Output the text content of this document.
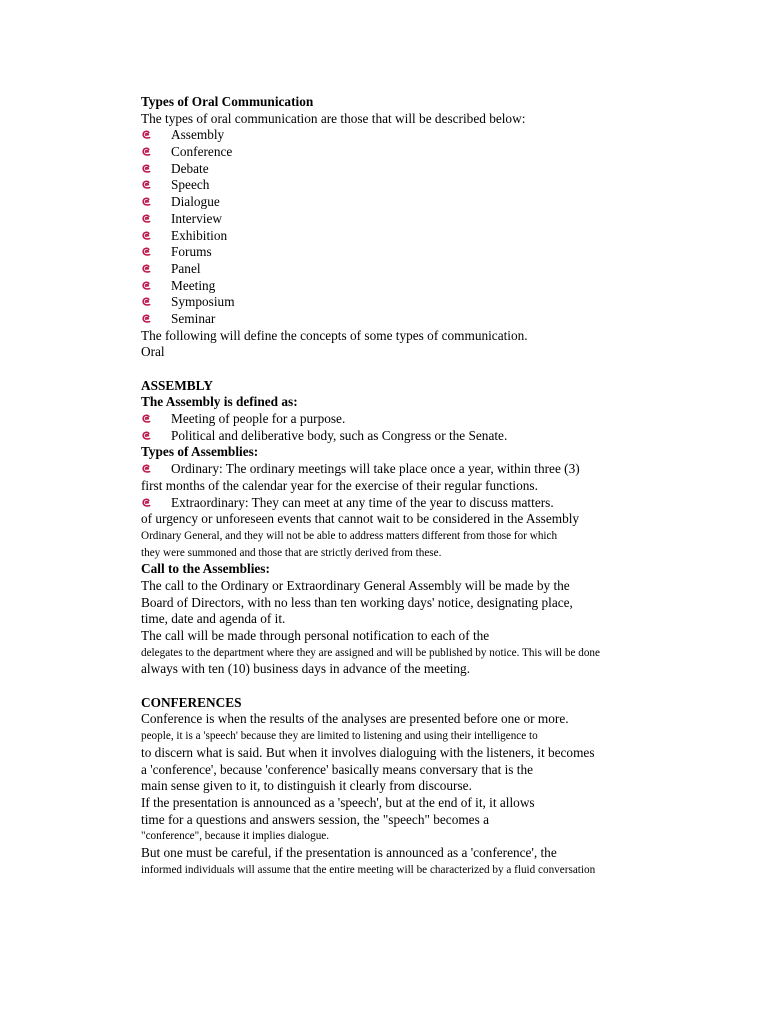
Types of Oral Communication
The types of oral communication are those that will be described below:
Assembly
Conference
Debate
Speech
Dialogue
Interview
Exhibition
Forums
Panel
Meeting
Symposium
Seminar
The following will define the concepts of some types of communication.
Oral
ASSEMBLY
The Assembly is defined as:
Meeting of people for a purpose.
Political and deliberative body, such as Congress or the Senate.
Types of Assemblies:
Ordinary: The ordinary meetings will take place once a year, within three (3)
first months of the calendar year for the exercise of their regular functions.
Extraordinary: They can meet at any time of the year to discuss matters.
of urgency or unforeseen events that cannot wait to be considered in the Assembly
Ordinary General, and they will not be able to address matters different from those for which
they were summoned and those that are strictly derived from these.
Call to the Assemblies:
The call to the Ordinary or Extraordinary General Assembly will be made by the
Board of Directors, with no less than ten working days' notice, designating place,
time, date and agenda of it.
The call will be made through personal notification to each of the
delegates to the department where they are assigned and will be published by notice. This will be done
always with ten (10) business days in advance of the meeting.
CONFERENCES
Conference is when the results of the analyses are presented before one or more.
people, it is a 'speech' because they are limited to listening and using their intelligence to
to discern what is said. But when it involves dialoguing with the listeners, it becomes
a 'conference', because 'conference' basically means conversary that is the
main sense given to it, to distinguish it clearly from discourse.
If the presentation is announced as a 'speech', but at the end of it, it allows
time for a questions and answers session, the "speech" becomes a
"conference", because it implies dialogue.
But one must be careful, if the presentation is announced as a 'conference', the
informed individuals will assume that the entire meeting will be characterized by a fluid conversation
